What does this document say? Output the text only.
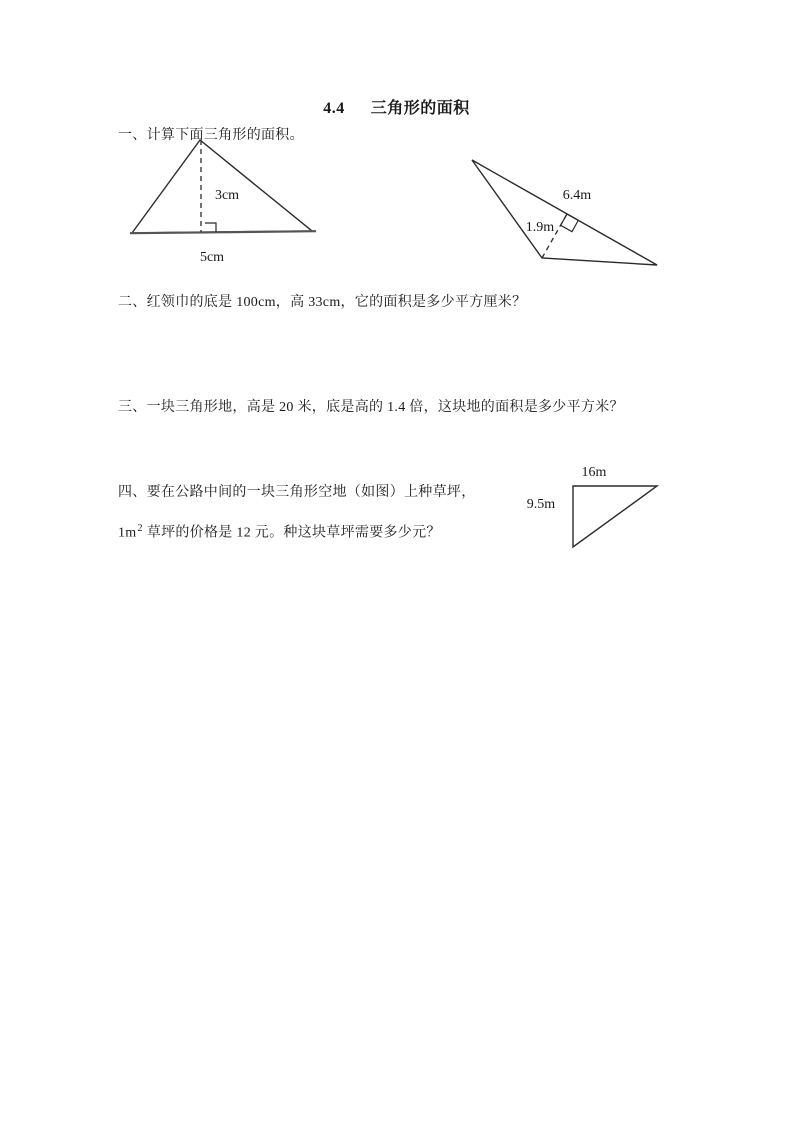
4.4 三角形的面积
一、计算下面三角形的面积。
3cm
5cm
6.4m
1.9m
二、红领巾的底是 100cm，高 33cm，它的面积是多少平方厘米？
三、一块三角形地，高是 20 米，底是高的 1.4 倍，这块地的面积是多少平方米？
四、要在公路中间的一块三角形空地（如图）上种草坪，
$1m^2$ 草坪的价格是 12 元。种这块草坪需要多少元？
16m
9.5m
